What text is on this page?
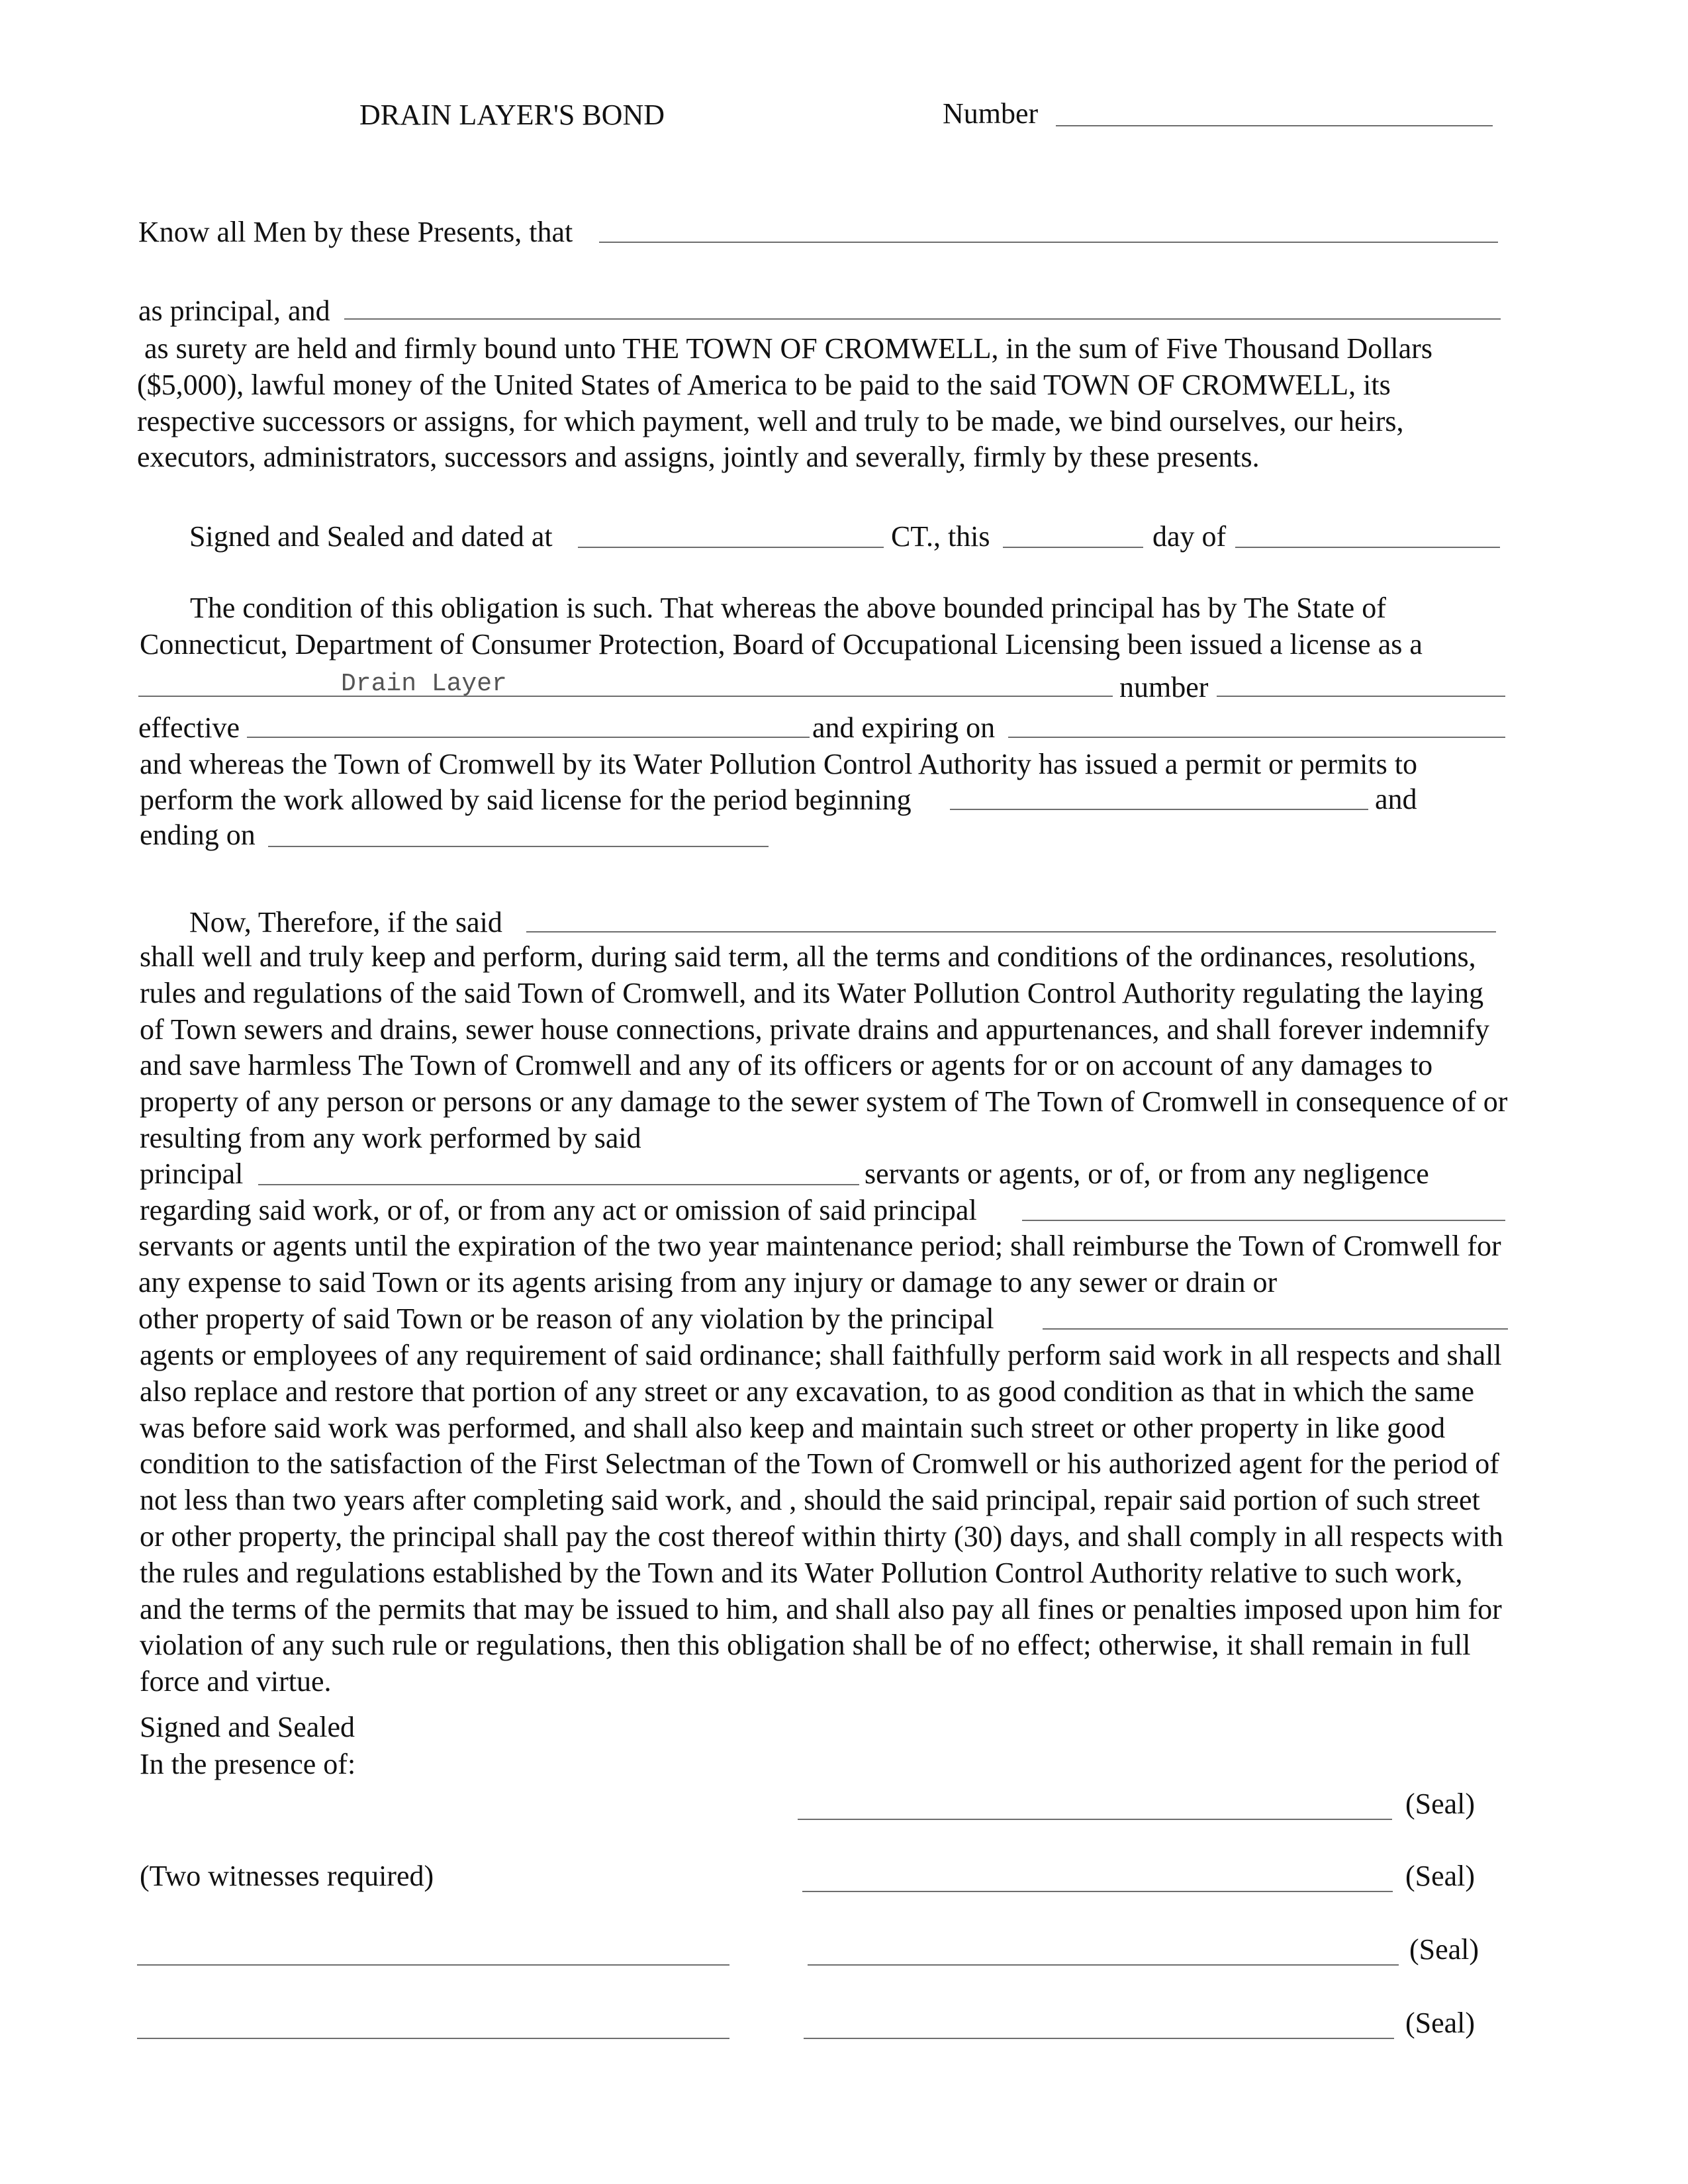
DRAIN LAYER'S BOND	Number
Know all Men by these Presents, that
as principal, and
as surety are held and firmly bound unto THE TOWN OF CROMWELL, in the sum of Five Thousand Dollars ($5,000), lawful money of the United States of America to be paid to the said TOWN OF CROMWELL, its respective successors or assigns, for which payment, well and truly to be made, we bind ourselves, our heirs, executors, administrators, successors and assigns, jointly and severally, firmly by these presents.
Signed and Sealed and dated at	CT., this	day of
The condition of this obligation is such. That whereas the above bounded principal has by The State of Connecticut, Department of Consumer Protection, Board of Occupational Licensing been issued a license as a
Drain Layer	number
effective	and expiring on
and whereas the Town of Cromwell by its Water Pollution Control Authority has issued a permit or permits to
perform the work allowed by said license for the period beginning	and
ending on
Now, Therefore, if the said
shall well and truly keep and perform, during said term, all the terms and conditions of the ordinances, resolutions, rules and regulations of the said Town of Cromwell, and its Water Pollution Control Authority regulating the laying of Town sewers and drains, sewer house connections, private drains and appurtenances, and shall forever indemnify and save harmless The Town of Cromwell and any of its officers or agents for or on account of any damages to property of any person or persons or any damage to the sewer system of The Town of Cromwell in consequence of or resulting from any work performed by said
principal	servants or agents, or of, or from any negligence
regarding said work, or of, or from any act or omission of said principal
servants or agents until the expiration of the two year maintenance period; shall reimburse the Town of Cromwell for any expense to said Town or its agents arising from any injury or damage to any sewer or drain or
other property of said Town or be reason of any violation by the principal
agents or employees of any requirement of said ordinance; shall faithfully perform said work in all respects and shall also replace and restore that portion of any street or any excavation, to as good condition as that in which the same was before said work was performed, and shall also keep and maintain such street or other property in like good condition to the satisfaction of the First Selectman of the Town of Cromwell or his authorized agent for the period of not less than two years after completing said work, and , should the said principal, repair said portion of such street or other property, the principal shall pay the cost thereof within thirty (30) days, and shall comply in all respects with the rules and regulations established by the Town and its Water Pollution Control Authority relative to such work, and the terms of the permits that may be issued to him, and shall also pay all fines or penalties imposed upon him for violation of any such rule or regulations, then this obligation shall be of no effect; otherwise, it shall remain in full force and virtue.
Signed and Sealed
In the presence of:
(Seal)
(Two witnesses required)	(Seal)
(Seal)
(Seal)
